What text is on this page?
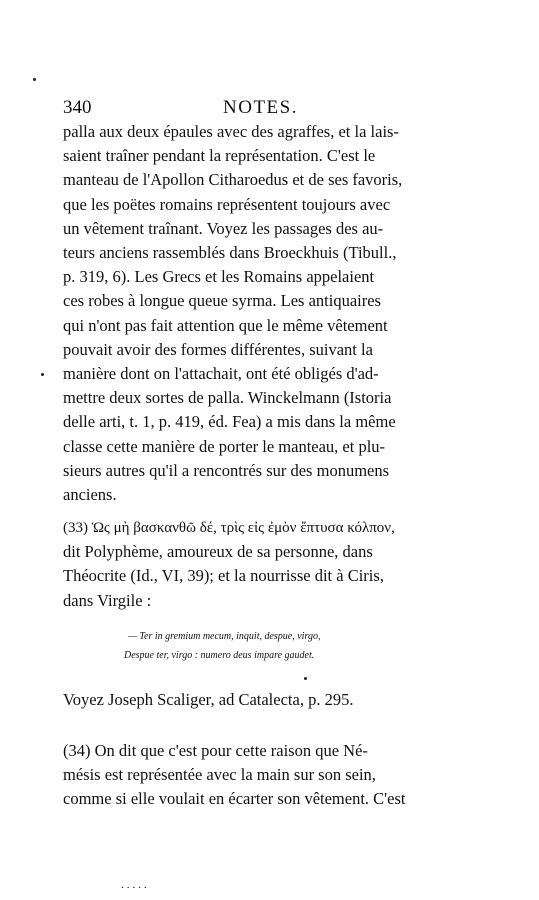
340	NOTES.
palla aux deux épaules avec des agraffes, et la lais-
saient traîner pendant la représentation. C'est le
manteau de l'Apollon Citharoedus et de ses favoris,
que les poëtes romains représentent toujours avec
un vêtement traînant. Voyez les passages des au-
teurs anciens rassemblés dans Broeckhuis (Tibull.,
p. 319, 6). Les Grecs et les Romains appelaient
ces robes à longue queue syrma. Les antiquaires
qui n'ont pas fait attention que le même vêtement
pouvait avoir des formes différentes, suivant la
manière dont on l'attachait, ont été obligés d'ad-
mettre deux sortes de palla. Winckelmann (Istoria
delle arti, t. 1, p. 419, éd. Fea) a mis dans la même
classe cette manière de porter le manteau, et plu-
sieurs autres qu'il a rencontrés sur des monumens
anciens.
(33) Ὡς μὴ βασκανθῶ δέ, τρὶς εἰς ἐμὸν ἔπτυσα κόλπον,
dit Polyphème, amoureux de sa personne, dans
Théocrite (Id., VI, 39); et la nourrisse dit à Ciris,
dans Virgile :
— Ter in gremium mecum, inquit, despue, virgo,
Despue ter, virgo : numero deus impare gaudet.
Voyez Joseph Scaliger, ad Catalecta, p. 295.
(34) On dit que c'est pour cette raison que Né-
mésis est représentée avec la main sur son sein,
comme si elle voulait en écarter son vêtement. C'est
.....
